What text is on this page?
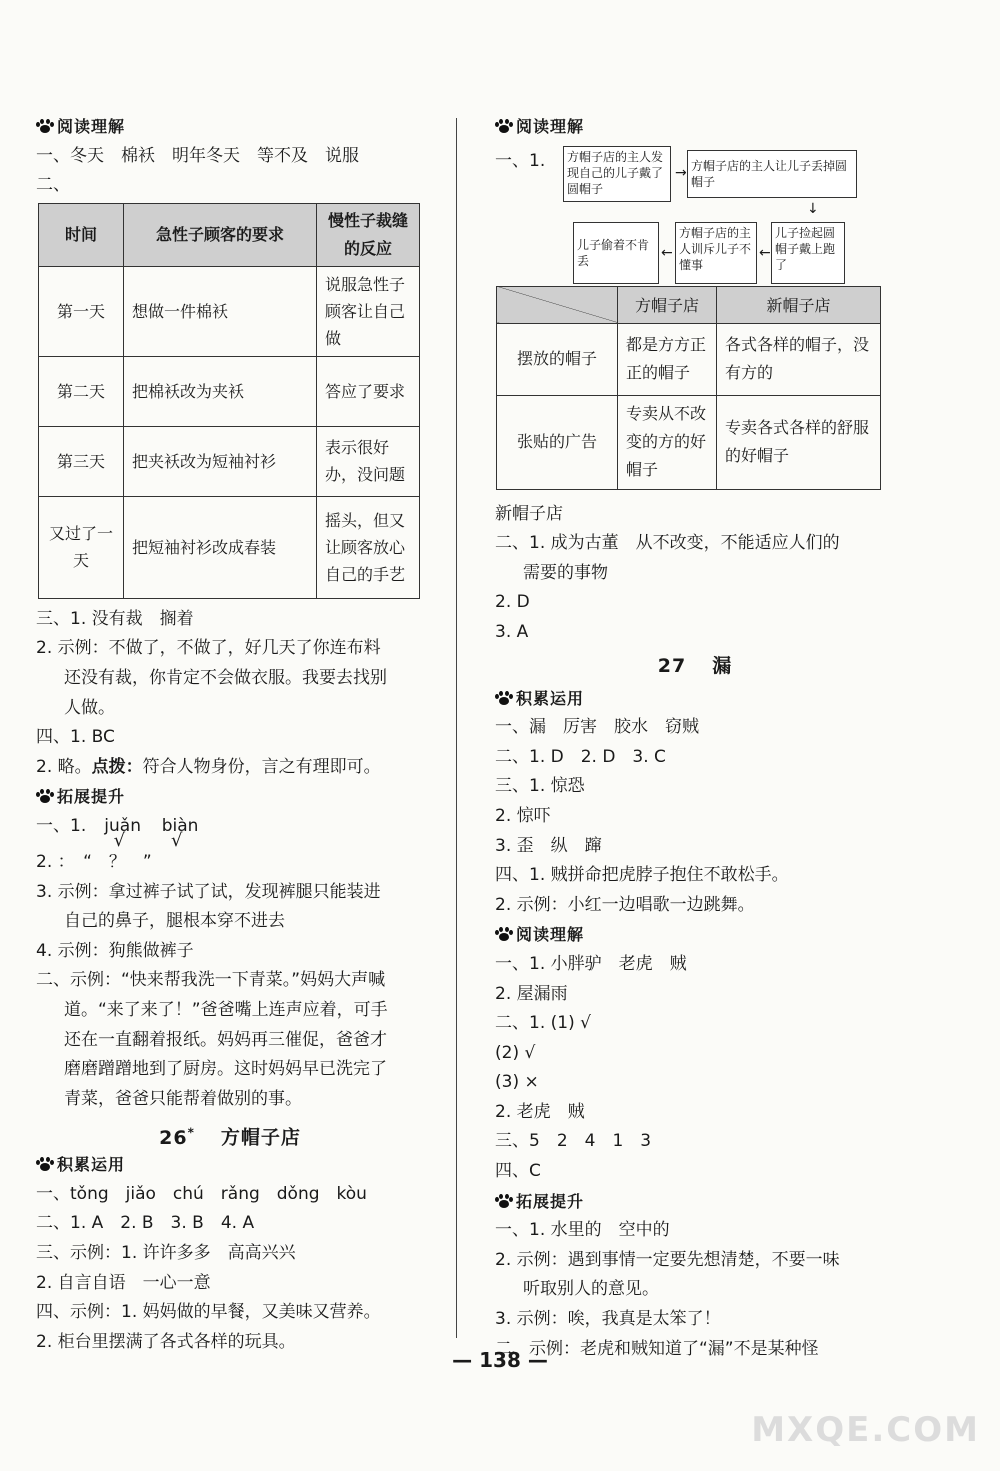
阅读理解
一、冬天　棉袄　明年冬天　等不及　说服
二、
时间	急性子顾客的要求	慢性子裁缝的反应
第一天	想做一件棉袄	说服急性子顾客让自己做
第二天	把棉袄改为夹袄	答应了要求
第三天	把夹袄改为短袖衬衫	表示很好办，没问题
又过了一天	把短袖衬衫改成春装	摇头，但又让顾客放心自己的手艺
三、1. 没有裁　搁着
2. 示例：不做了，不做了，好几天了你连布料
还没有裁，你肯定不会做衣服。我要去找别
人做。
四、1. BC
2. 略。点拨：符合人物身份，言之有理即可。
拓展提升
一、1. juǎn
√
biàn
√
2. ：　“　？　”
3. 示例：拿过裤子试了试，发现裤腿只能装进
自己的鼻子，腿根本穿不进去
4. 示例：狗熊做裤子
二、示例：“快来帮我洗一下青菜。”妈妈大声喊
道。“来了来了！”爸爸嘴上连声应着，可手
还在一直翻着报纸。妈妈再三催促，爸爸才
磨磨蹭蹭地到了厨房。这时妈妈早已洗完了
青菜，爸爸只能帮着做别的事。
26* 方帽子店
积累运用
一、tǒng　jiǎo　chú　rǎng　dǒng　kòu
二、1. A　2. B　3. B　4. A
三、示例：1. 许许多多　高高兴兴
2. 自言自语　一心一意
四、示例：1. 妈妈做的早餐，又美味又营养。
2. 柜台里摆满了各式各样的玩具。
阅读理解
一、1.	方帽子店的主人发现自己的儿子戴了圆帽子
→ 方帽子店的主人让儿子丢掉圆帽子
↓
儿子捡起圆帽子戴上跑了
←
方帽子店的主人训斥儿子不懂事
←
儿子偷着不肯丢
	方帽子店	新帽子店
摆放的帽子	都是方方正正的帽子	各式各样的帽子，没有方的
张贴的广告	专卖从不改变的方的好帽子	专卖各式各样的舒服的好帽子
新帽子店
二、1. 成为古董　从不改变，不能适应人们的
需要的事物
2. D
3. A
27 漏
积累运用
一、漏　厉害　胶水　窃贼
二、1. D　2. D　3. C
三、1. 惊恐
2. 惊吓
3. 歪　纵　蹿
四、1. 贼拼命把虎脖子抱住不敢松手。
2. 示例：小红一边唱歌一边跳舞。
阅读理解
一、1. 小胖驴　老虎　贼
2. 屋漏雨
二、1. (1) √
(2) √
(3) ×
2. 老虎　贼
三、5　2　4　1　3
四、C
拓展提升
一、1. 水里的　空中的
2. 示例：遇到事情一定要先想清楚，不要一味
听取别人的意见。
3. 示例：唉，我真是太笨了！
二、示例：老虎和贼知道了“漏”不是某种怪
— 138 —
MXQE.COM
